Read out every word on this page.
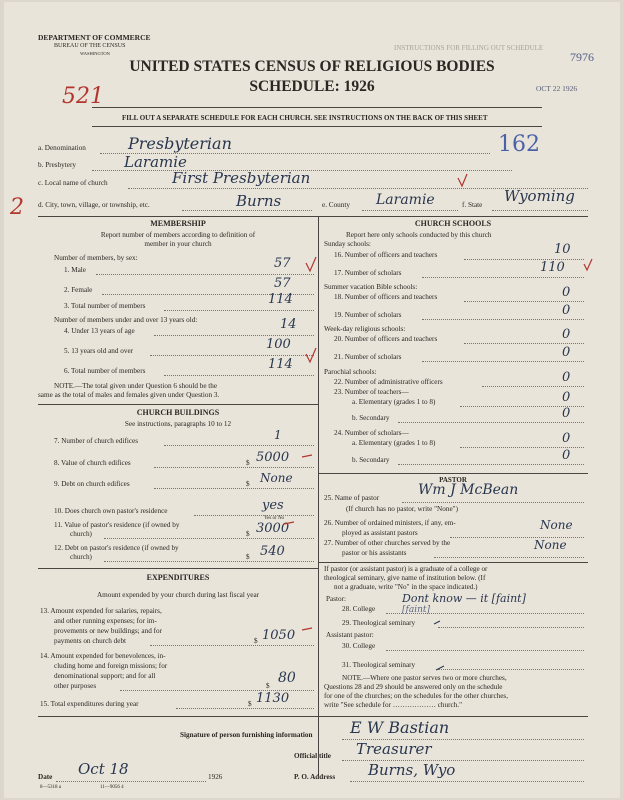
DEPARTMENT OF COMMERCE
BUREAU OF THE CENSUS
WASHINGTON
INSTRUCTIONS FOR FILLING OUT SCHEDULE
7976
OCT 22 1926
UNITED STATES CENSUS OF RELIGIOUS BODIES
SCHEDULE: 1926
521
FILL OUT A SEPARATE SCHEDULE FOR EACH CHURCH. SEE INSTRUCTIONS ON THE BACK OF THIS SHEET
a. Denomination	Presbyterian	162
b. Presbytery	Laramie
c. Local name of church	First Presbyterian
2 d. City, town, village, or township, etc.	Burns	e. County Laramie	f. State Wyoming
MEMBERSHIP
Report number of members according to definition of
member in your church
Number of members, by sex:
1. Male	57
2. Female	57
3. Total number of members	114
Number of members under and over 13 years old:
4. Under 13 years of age	14
5. 13 years old and over	100
6. Total number of members	114
NOTE.—The total given under Question 6 should be the
same as the total of males and females given under Question 3.
CHURCH BUILDINGS
See instructions, paragraphs 10 to 12
7. Number of church edifices	1
8. Value of church edifices	$ 5000
9. Debt on church edifices	$ None
10. Does church own pastor's residence	yes
Yes or No
11. Value of pastor's residence (if owned by
church)	$ 3000
12. Debt on pastor's residence (if owned by
church)	$ 540
EXPENDITURES
Amount expended by your church during last fiscal year
13. Amount expended for salaries, repairs,
and other running expenses; for im-
provements or new buildings; and for
payments on church debt	$ 1050
14. Amount expended for benevolences, in-
cluding home and foreign missions; for
denominational support; and for all
other purposes	$ 80
15. Total expenditures during year	$ 1130
CHURCH SCHOOLS
Report here only schools conducted by this church
Sunday schools:
16. Number of officers and teachers	10
17. Number of scholars	110
Summer vacation Bible schools:
18. Number of officers and teachers	0
19. Number of scholars	0
Week-day religious schools:
20. Number of officers and teachers	0
21. Number of scholars	0
Parochial schools:
22. Number of administrative officers	0
23. Number of teachers—
a. Elementary (grades 1 to 8)	0
b. Secondary	0
24. Number of scholars—
a. Elementary (grades 1 to 8)	0
b. Secondary	0
PASTOR
25. Name of pastor	Wm J McBean
(If church has no pastor, write "None")
26. Number of ordained ministers, if any, em-
ployed as assistant pastors
None
27. Number of other churches served by the
pastor or his assistants
None
If pastor (or assistant pastor) is a graduate of a college or
theological seminary, give name of institution below. (If
not a graduate, write "No" in the space indicated.)
Pastor:
28. College
Dont know — it [faint]
[faint]
29. Theological seminary
Assistant pastor:
30. College
31. Theological seminary
NOTE.—Where one pastor serves two or more churches,
Questions 28 and 29 should be answered only on the schedule
for one of the churches; on the schedules for the other churches,
write "See schedule for ……………… church."
Signature of person furnishing information E W Bastian
Official title Treasurer
Date Oct 18	1926	P. O. Address Burns, Wyo
8—5318 a	11—9056 4
